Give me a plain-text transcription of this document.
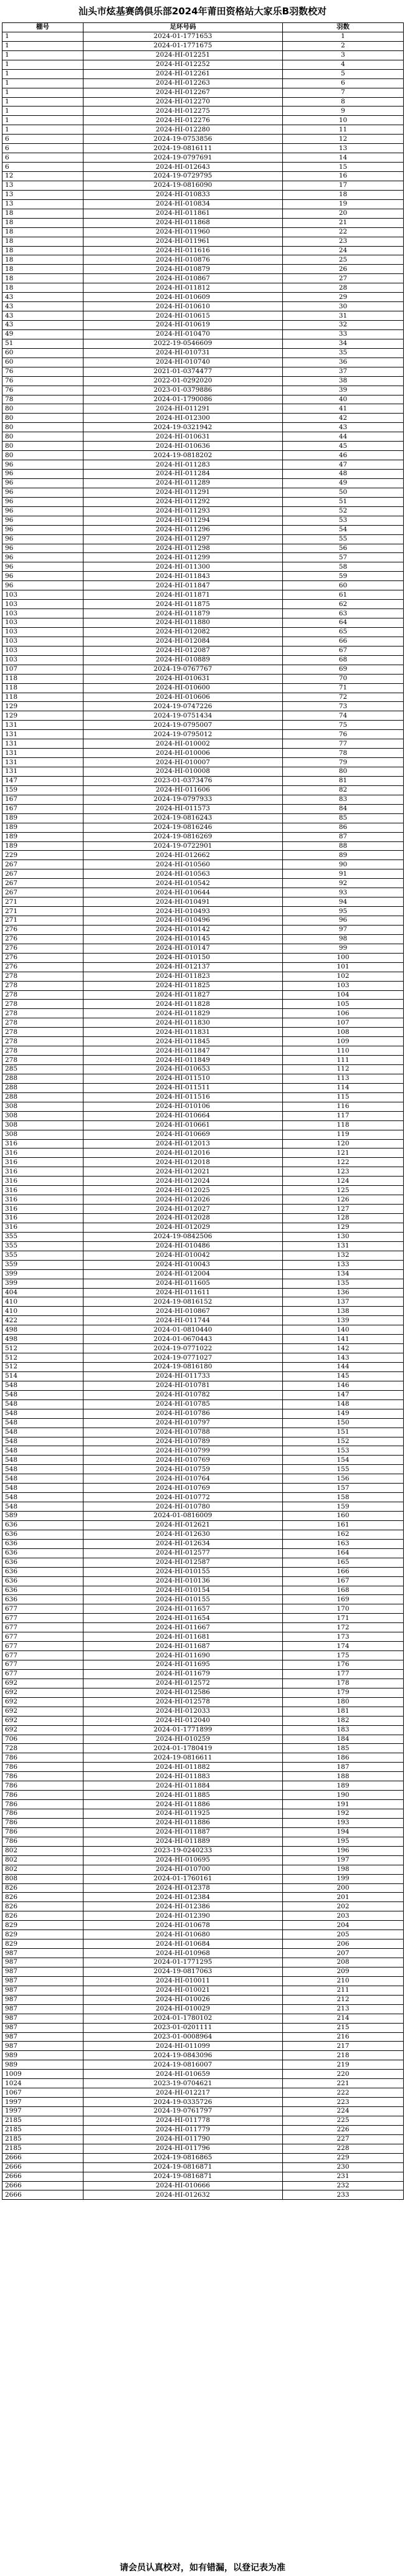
汕头市炫基赛鸽俱乐部2024年莆田资格站大家乐B羽数校对
棚号	足环号码	羽数
1	2024-01-1771653	1
1	2024-01-1771675	2
1	2024-HI-012251	3
1	2024-HI-012252	4
1	2024-HI-012261	5
1	2024-HI-012263	6
1	2024-HI-012267	7
1	2024-HI-012270	8
1	2024-HI-012275	9
1	2024-HI-012276	10
1	2024-HI-012280	11
6	2024-19-0753856	12
6	2024-19-0816111	13
6	2024-19-0797691	14
6	2024-HI-012643	15
12	2024-19-0729795	16
13	2024-19-0816090	17
13	2024-HI-010833	18
13	2024-HI-010834	19
18	2024-HI-011861	20
18	2024-HI-011868	21
18	2024-HI-011960	22
18	2024-HI-011961	23
18	2024-HI-011616	24
18	2024-HI-010876	25
18	2024-HI-010879	26
18	2024-HI-010867	27
18	2024-HI-011812	28
43	2024-HI-010609	29
43	2024-HI-010610	30
43	2024-HI-010615	31
43	2024-HI-010619	32
49	2024-HI-010470	33
51	2022-19-0546609	34
60	2024-HI-010731	35
60	2024-HI-010740	36
76	2021-01-0374477	37
76	2022-01-0292020	38
76	2023-01-0379886	39
78	2024-01-1790086	40
80	2024-HI-011291	41
80	2024-HI-012300	42
80	2024-19-0321942	43
80	2024-HI-010631	44
80	2024-HI-010636	45
80	2024-19-0818202	46
96	2024-HI-011283	47
96	2024-HI-011284	48
96	2024-HI-011289	49
96	2024-HI-011291	50
96	2024-HI-011292	51
96	2024-HI-011293	52
96	2024-HI-011294	53
96	2024-HI-011296	54
96	2024-HI-011297	55
96	2024-HI-011298	56
96	2024-HI-011299	57
96	2024-HI-011300	58
96	2024-HI-011843	59
96	2024-HI-011847	60
103	2024-HI-011871	61
103	2024-HI-011875	62
103	2024-HI-011879	63
103	2024-HI-011880	64
103	2024-HI-012082	65
103	2024-HI-012084	66
103	2024-HI-012087	67
103	2024-HI-010889	68
107	2024-19-0767767	69
118	2024-HI-010631	70
118	2024-HI-010600	71
118	2024-HI-010606	72
129	2024-19-0747226	73
129	2024-19-0751434	74
131	2024-19-0795007	75
131	2024-19-0795012	76
131	2024-HI-010002	77
131	2024-HI-010006	78
131	2024-HI-010007	79
131	2024-HI-010008	80
147	2023-01-0373476	81
159	2024-HI-011606	82
167	2024-19-0797933	83
167	2024-HI-011573	84
189	2024-19-0816243	85
189	2024-19-0816246	86
189	2024-19-0816269	87
189	2024-19-0722901	88
229	2024-HI-012662	89
267	2024-HI-010560	90
267	2024-HI-010563	91
267	2024-HI-010542	92
267	2024-HI-010644	93
271	2024-HI-010491	94
271	2024-HI-010493	95
271	2024-HI-010496	96
276	2024-HI-010142	97
276	2024-HI-010145	98
276	2024-HI-010147	99
276	2024-HI-010150	100
276	2024-HI-012137	101
278	2024-HI-011823	102
278	2024-HI-011825	103
278	2024-HI-011827	104
278	2024-HI-011828	105
278	2024-HI-011829	106
278	2024-HI-011830	107
278	2024-HI-011831	108
278	2024-HI-011845	109
278	2024-HI-011847	110
278	2024-HI-011849	111
285	2024-HI-010653	112
288	2024-HI-011510	113
288	2024-HI-011511	114
288	2024-HI-011516	115
308	2024-HI-010106	116
308	2024-HI-010664	117
308	2024-HI-010661	118
308	2024-HI-010669	119
316	2024-HI-012013	120
316	2024-HI-012016	121
316	2024-HI-012018	122
316	2024-HI-012021	123
316	2024-HI-012024	124
316	2024-HI-012025	125
316	2024-HI-012026	126
316	2024-HI-012027	127
316	2024-HI-012028	128
316	2024-HI-012029	129
355	2024-19-0842506	130
355	2024-HI-010486	131
355	2024-HI-010042	132
359	2024-HI-010043	133
399	2024-HI-012004	134
399	2024-HI-011605	135
404	2024-HI-011611	136
410	2024-19-0816152	137
410	2024-HI-010867	138
422	2024-HI-011744	139
498	2024-01-0810440	140
498	2024-01-0670443	141
512	2024-19-0771022	142
512	2024-19-0771027	143
512	2024-19-0816180	144
514	2024-HI-011733	145
548	2024-HI-010781	146
548	2024-HI-010782	147
548	2024-HI-010785	148
548	2024-HI-010786	149
548	2024-HI-010797	150
548	2024-HI-010788	151
548	2024-HI-010789	152
548	2024-HI-010799	153
548	2024-HI-010769	154
548	2024-HI-010759	155
548	2024-HI-010764	156
548	2024-HI-010769	157
548	2024-HI-010772	158
548	2024-HI-010780	159
589	2024-01-0816009	160
636	2024-HI-012621	161
636	2024-HI-012630	162
636	2024-HI-012634	163
636	2024-HI-012577	164
636	2024-HI-012587	165
636	2024-HI-010155	166
636	2024-HI-010136	167
636	2024-HI-010154	168
636	2024-HI-010155	169
677	2024-HI-011657	170
677	2024-HI-011654	171
677	2024-HI-011667	172
677	2024-HI-011681	173
677	2024-HI-011687	174
677	2024-HI-011690	175
677	2024-HI-011695	176
677	2024-HI-011679	177
692	2024-HI-012572	178
692	2024-HI-012586	179
692	2024-HI-012578	180
692	2024-HI-012033	181
692	2024-HI-012040	182
692	2024-01-1771899	183
706	2024-HI-010259	184
728	2024-01-1780419	185
786	2024-19-0816611	186
786	2024-HI-011882	187
786	2024-HI-011883	188
786	2024-HI-011884	189
786	2024-HI-011885	190
786	2024-HI-011886	191
786	2024-HI-011925	192
786	2024-HI-011886	193
786	2024-HI-011887	194
786	2024-HI-011889	195
802	2023-19-0240233	196
802	2024-HI-010695	197
802	2024-HI-010700	198
808	2024-01-1760161	199
826	2024-HI-012378	200
826	2024-HI-012384	201
826	2024-HI-012386	202
826	2024-HI-012390	203
829	2024-HI-010678	204
829	2024-HI-010680	205
829	2024-HI-010684	206
987	2024-HI-010968	207
987	2024-01-1771295	208
987	2024-19-0817063	209
987	2024-HI-010011	210
987	2024-HI-010021	211
987	2024-HI-010026	212
987	2024-HI-010029	213
987	2024-01-1780102	214
987	2023-01-0201111	215
987	2023-01-0008964	216
987	2024-HI-011099	217
989	2024-19-0843096	218
989	2024-19-0816007	219
1009	2024-HI-010659	220
1024	2023-19-0704621	221
1067	2024-HI-012217	222
1997	2024-19-0335726	223
1997	2024-19-0761797	224
2185	2024-HI-011778	225
2185	2024-HI-011779	226
2185	2024-HI-011790	227
2185	2024-HI-011796	228
2666	2024-19-0816865	229
2666	2024-19-0816871	230
2666	2024-19-0816871	231
2666	2024-HI-010666	232
2666	2024-HI-012632	233
请会员认真校对，如有错漏，以登记表为准
